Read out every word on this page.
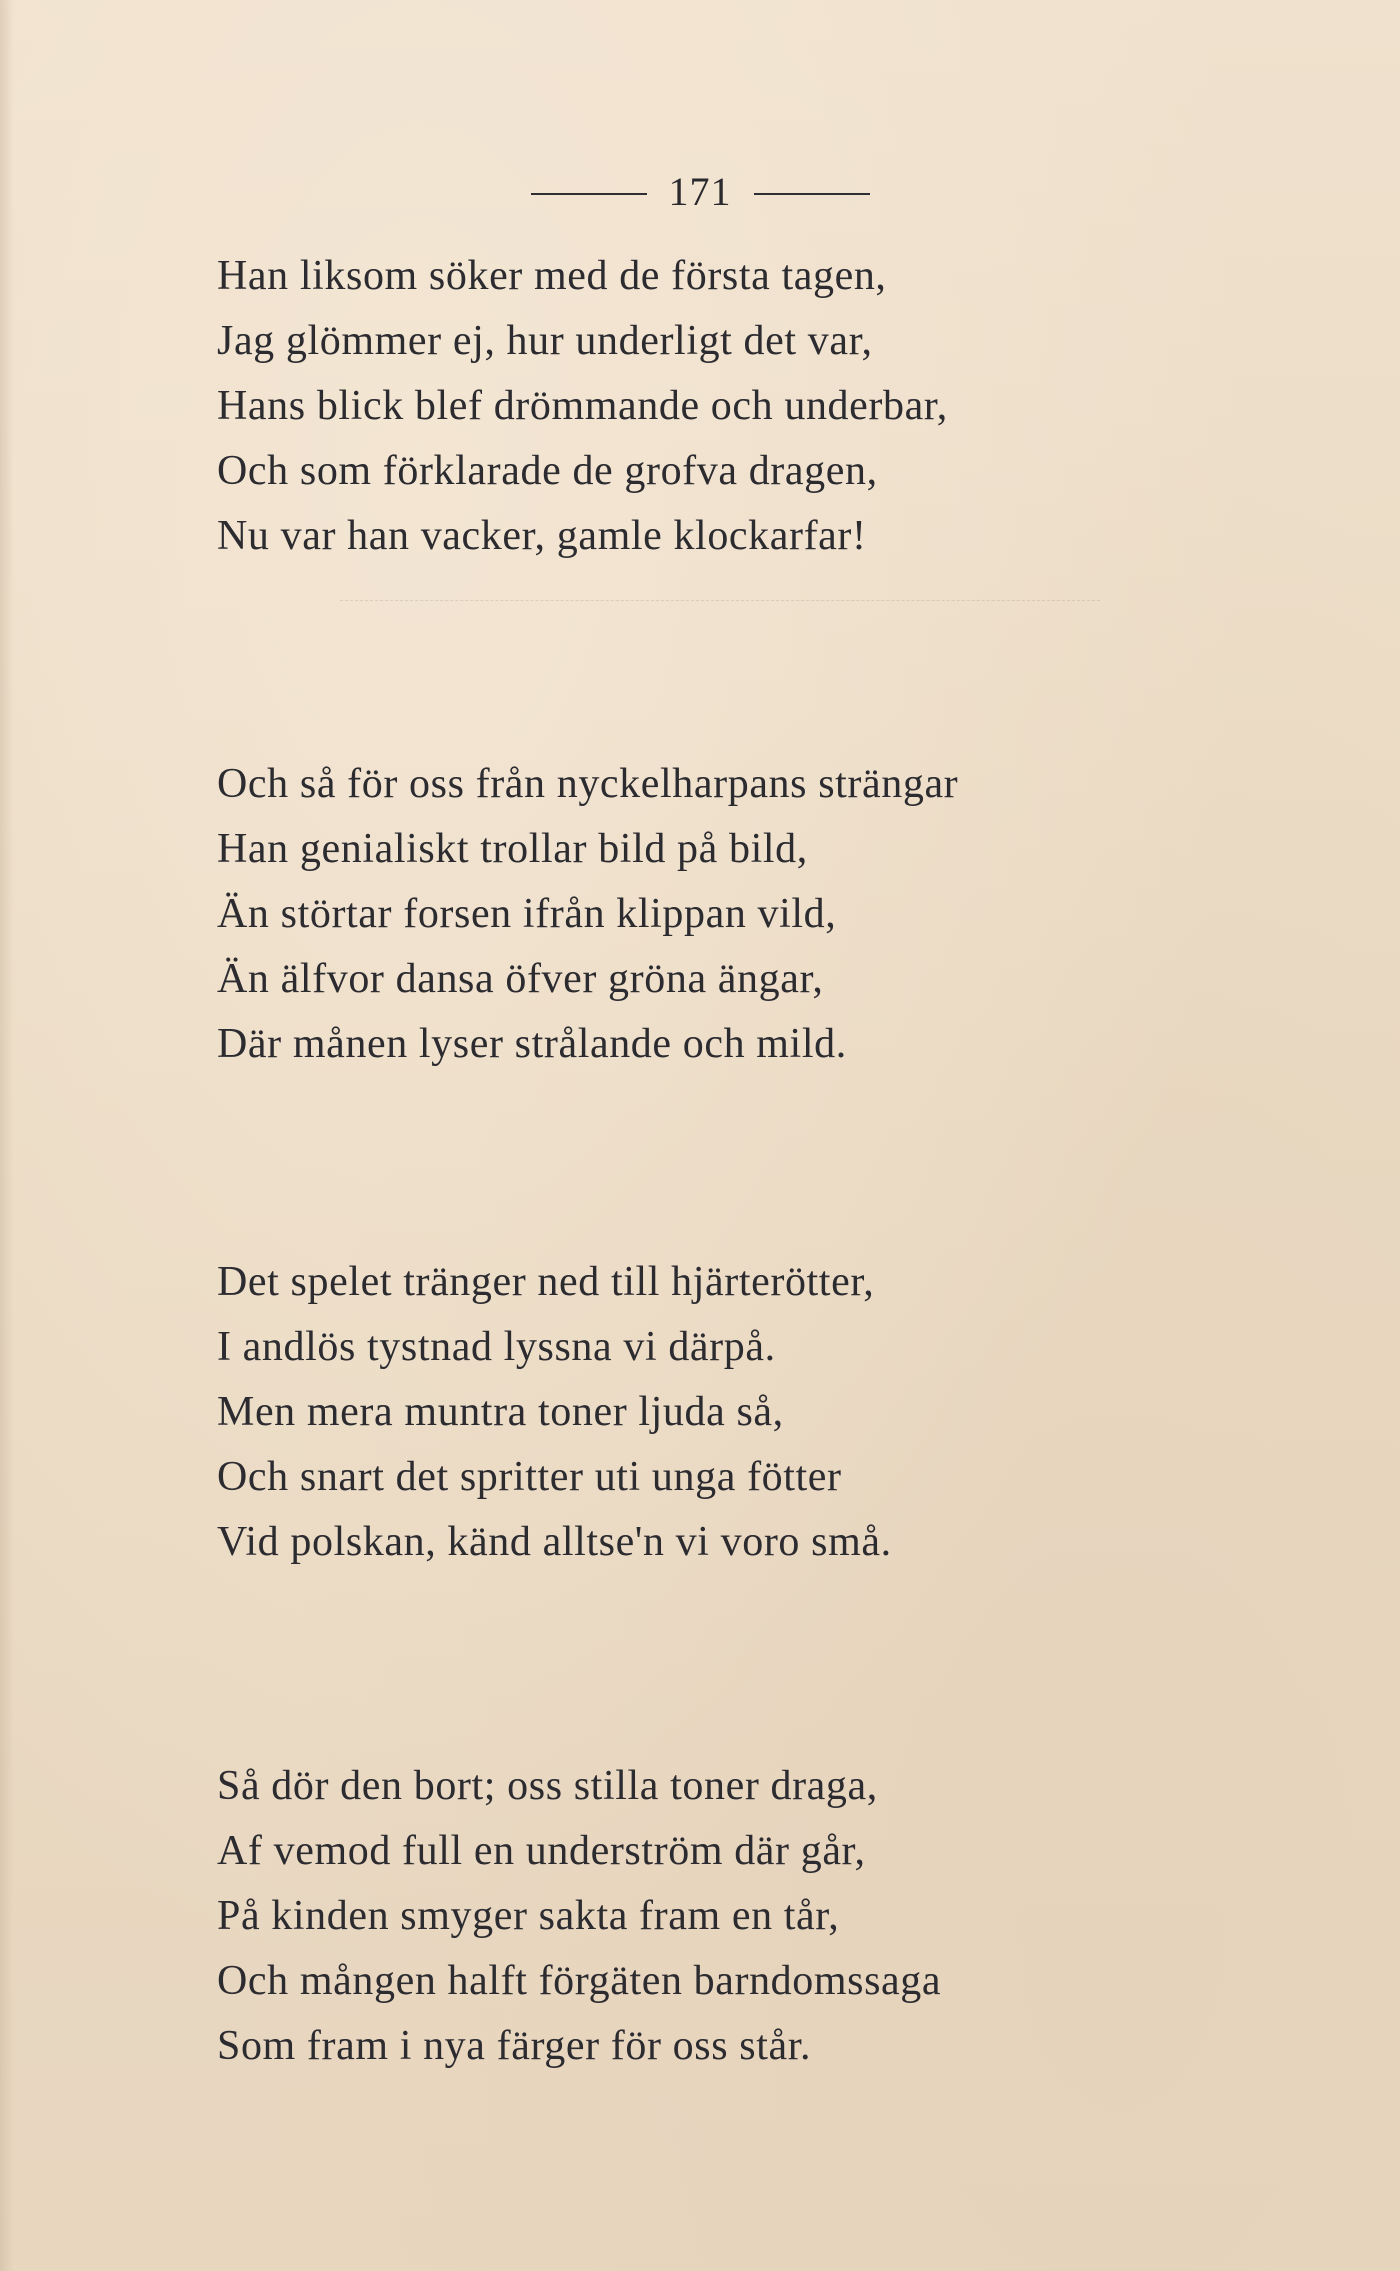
171
Han liksom söker med de första tagen,
Jag glömmer ej, hur underligt det var,
Hans blick blef drömmande och underbar,
Och som förklarade de grofva dragen,
Nu var han vacker, gamle klockarfar!
Och så för oss från nyckelharpans strängar
Han genialiskt trollar bild på bild,
Än störtar forsen ifrån klippan vild,
Än älfvor dansa öfver gröna ängar,
Där månen lyser strålande och mild.
Det spelet tränger ned till hjärterötter,
I andlös tystnad lyssna vi därpå.
Men mera muntra toner ljuda så,
Och snart det spritter uti unga fötter
Vid polskan, känd alltse'n vi voro små.
Så dör den bort; oss stilla toner draga,
Af vemod full en underström där går,
På kinden smyger sakta fram en tår,
Och mången halft förgäten barndomssaga
Som fram i nya färger för oss står.
